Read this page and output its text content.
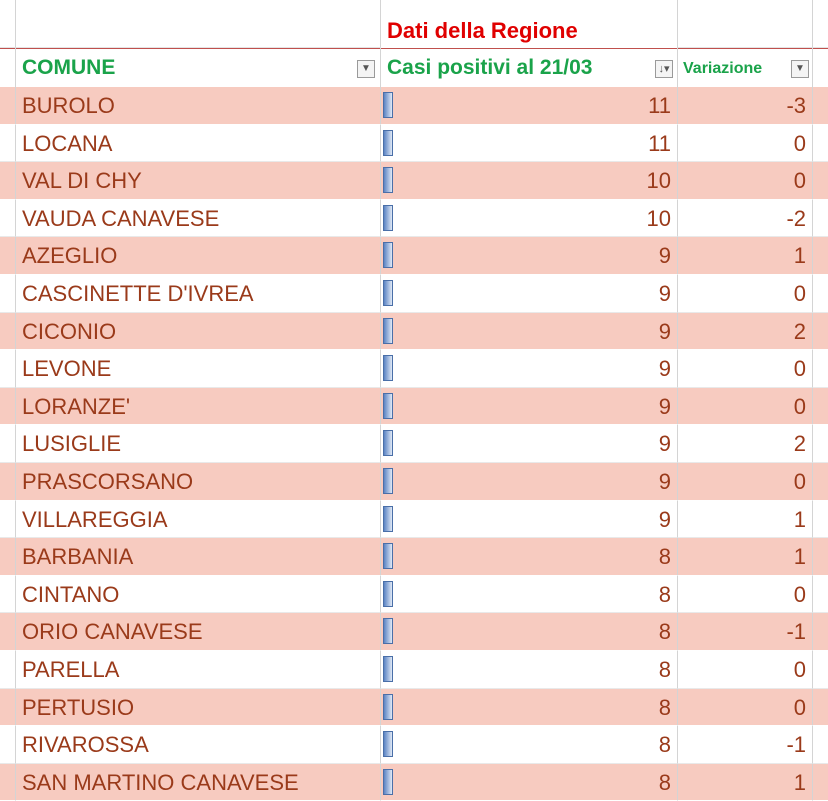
Dati della Regione
COMUNE	▼ Casi positivi al 21/03	↓▾ Variazione	▼
BUROLO	11	-3
LOCANA	11	0
VAL DI CHY	10	0
VAUDA CANAVESE	10	-2
AZEGLIO	9	1
CASCINETTE D'IVREA	9	0
CICONIO	9	2
LEVONE	9	0
LORANZE'	9	0
LUSIGLIE	9	2
PRASCORSANO	9	0
VILLAREGGIA	9	1
BARBANIA	8	1
CINTANO	8	0
ORIO CANAVESE	8	-1
PARELLA	8	0
PERTUSIO	8	0
RIVAROSSA	8	-1
SAN MARTINO CANAVESE	8	1
